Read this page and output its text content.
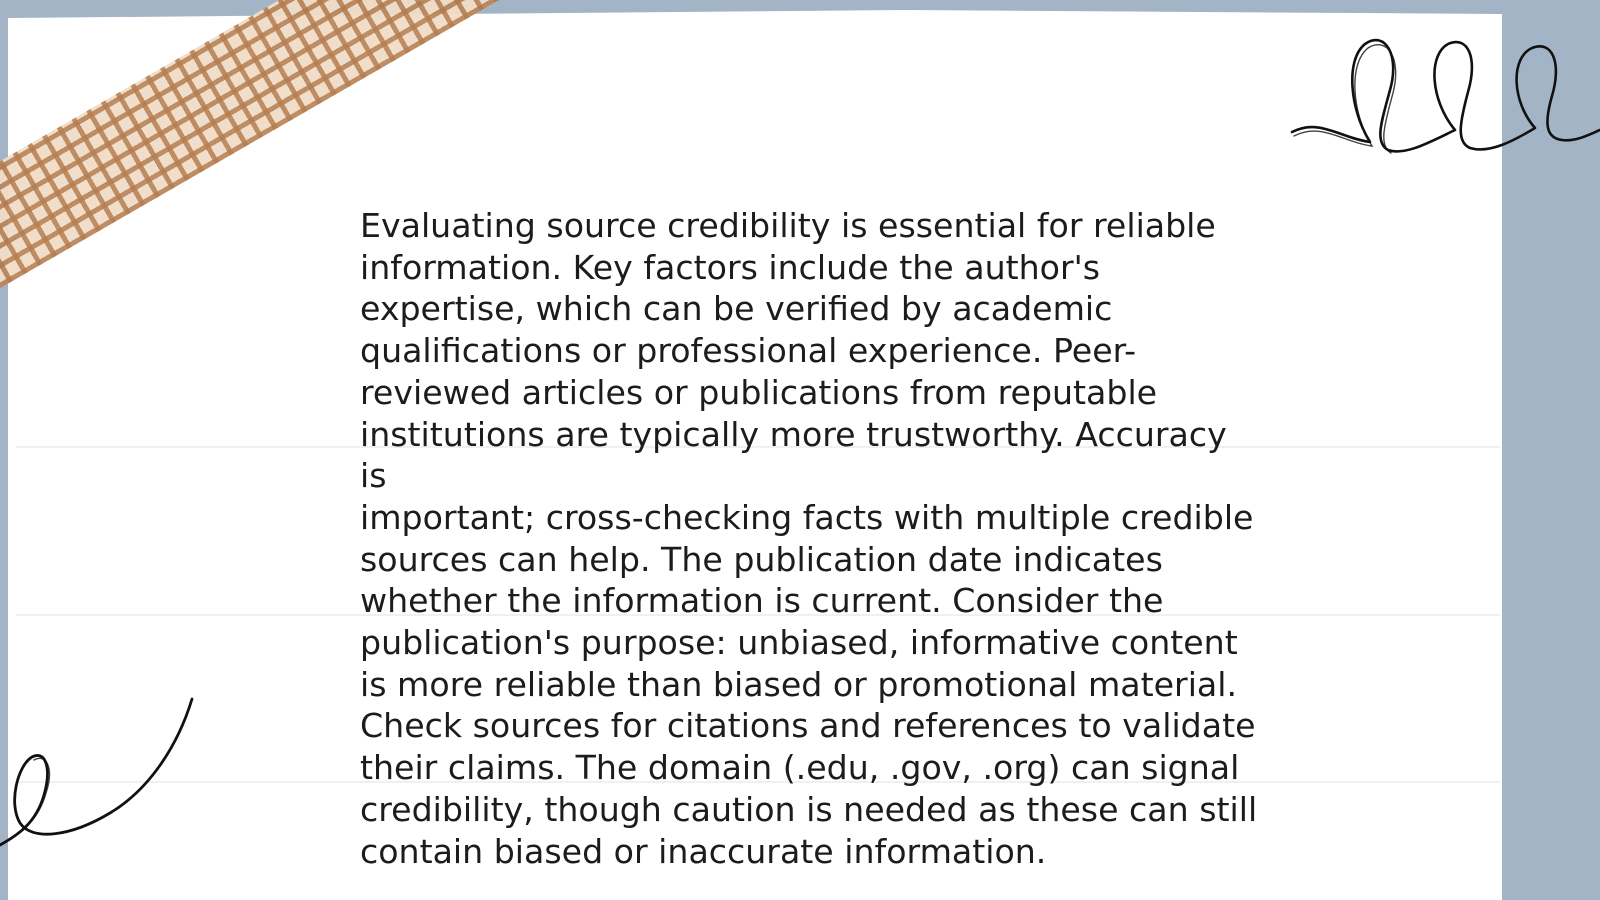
Evaluating source credibility is essential for reliable
information. Key factors include the author's
expertise, which can be verified by academic
qualifications or professional experience. Peer-
reviewed articles or publications from reputable
institutions are typically more trustworthy. Accuracy is
important; cross-checking facts with multiple credible
sources can help. The publication date indicates
whether the information is current. Consider the
publication's purpose: unbiased, informative content
is more reliable than biased or promotional material.
Check sources for citations and references to validate
their claims. The domain (.edu, .gov, .org) can signal
credibility, though caution is needed as these can still
contain biased or inaccurate information.
